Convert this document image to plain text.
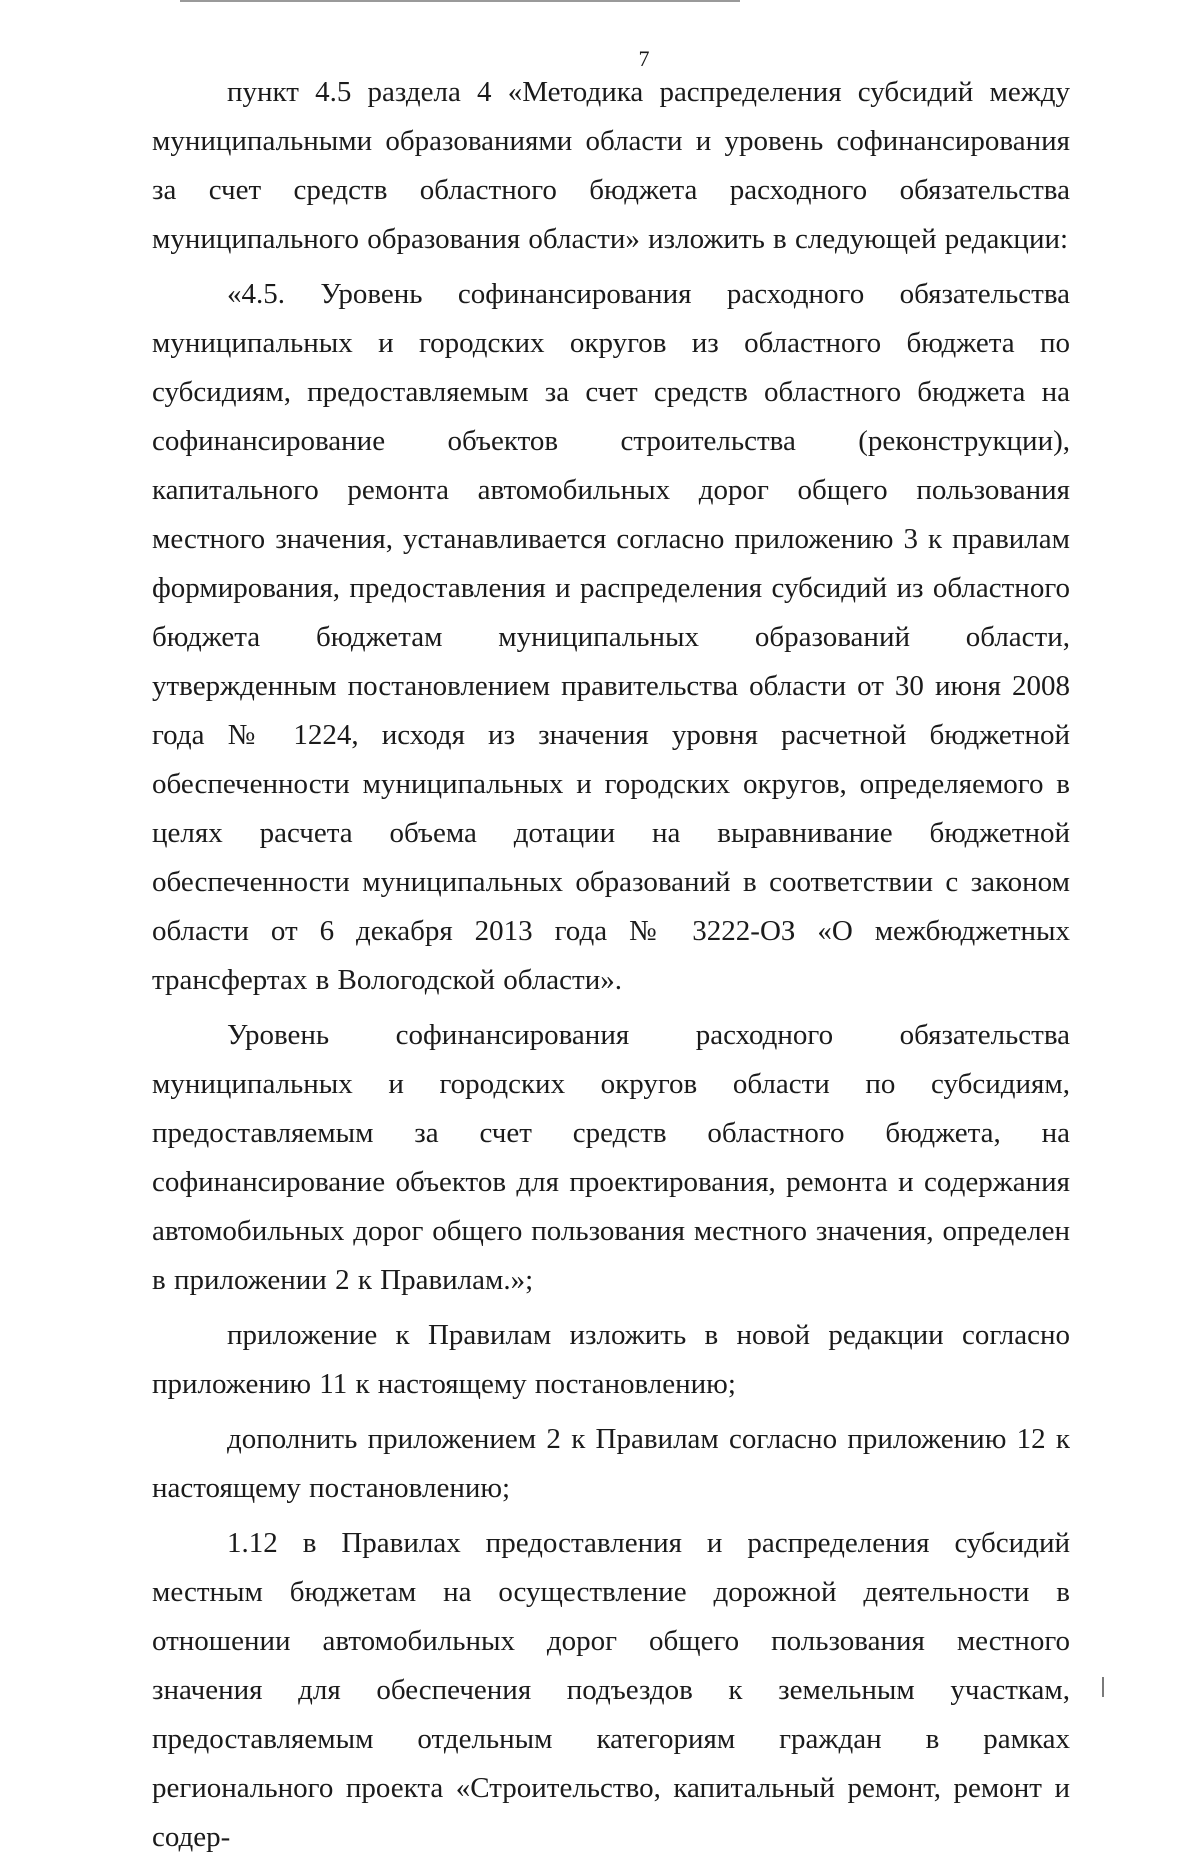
7

пункт 4.5 раздела 4 «Методика распределения субсидий между муниципальными образованиями области и уровень софинансирования за счет средств областного бюджета расходного обязательства муниципального образования области» изложить в следующей редакции:

«4.5. Уровень софинансирования расходного обязательства муниципальных и городских округов из областного бюджета по субсидиям, предоставляемым за счет средств областного бюджета на софинансирование объектов строительства (реконструкции), капитального ремонта автомобильных дорог общего пользования местного значения, устанавливается согласно приложению 3 к правилам формирования, предоставления и распределения субсидий из областного бюджета бюджетам муниципальных образований области, утвержденным постановлением правительства области от 30 июня 2008 года № 1224, исходя из значения уровня расчетной бюджетной обеспеченности муниципальных и городских округов, определяемого в целях расчета объема дотации на выравнивание бюджетной обеспеченности муниципальных образований в соответствии с законом области от 6 декабря 2013 года № 3222-ОЗ «О межбюджетных трансфертах в Вологодской области».

Уровень софинансирования расходного обязательства муниципальных и городских округов области по субсидиям, предоставляемым за счет средств областного бюджета, на софинансирование объектов для проектирования, ремонта и содержания автомобильных дорог общего пользования местного значения, определен в приложении 2 к Правилам.»;

приложение к Правилам изложить в новой редакции согласно приложению 11 к настоящему постановлению;

дополнить приложением 2 к Правилам согласно приложению 12 к настоящему постановлению;

1.12 в Правилах предоставления и распределения субсидий местным бюджетам на осуществление дорожной деятельности в отношении автомобильных дорог общего пользования местного значения для обеспечения подъездов к земельным участкам, предоставляемым отдельным категориям граждан в рамках регионального проекта «Строительство, капитальный ремонт, ремонт и содер-
